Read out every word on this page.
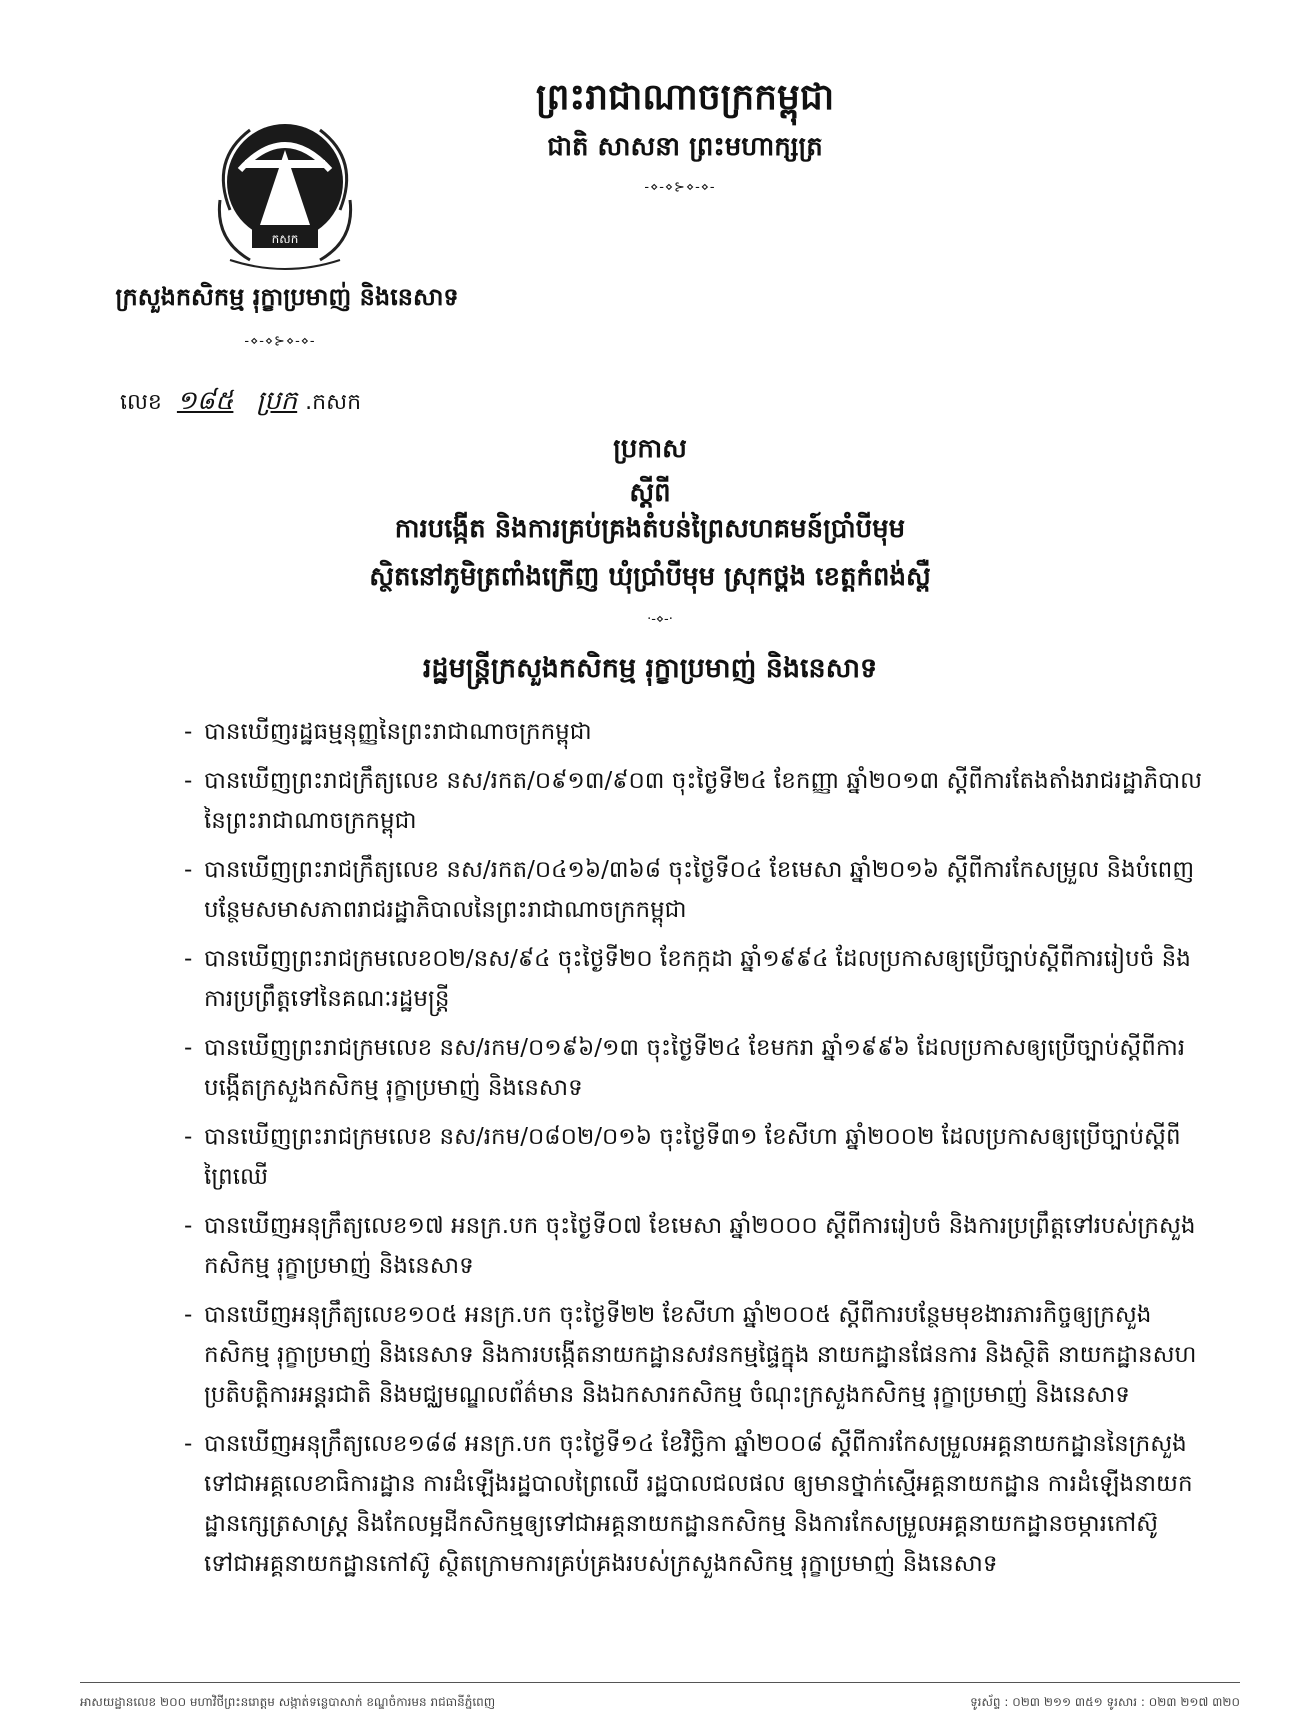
កសក
ក្រសួងកសិកម្ម រុក្ខាប្រមាញ់ និងនេសាទ
-⋄-⋄⊱⋄-⋄-
ព្រះរាជាណាចក្រកម្ពុជា
ជាតិ សាសនា ព្រះមហាក្សត្រ
-⋄-⋄⊱⋄-⋄-
លេខ ១៨៥ ប្រក .កសក
ប្រកាស
ស្តីពី
ការបង្កើត និងការគ្រប់គ្រងតំបន់ព្រៃសហគមន៍ប្រាំបីមុម
ស្ថិតនៅភូមិត្រពាំងក្រើញ ឃុំប្រាំបីមុម ស្រុកថ្ពង ខេត្តកំពង់ស្ពឺ
·-⋄-·
រដ្ឋមន្ត្រីក្រសួងកសិកម្ម រុក្ខាប្រមាញ់ និងនេសាទ
- បានឃើញរដ្ឋធម្មនុញ្ញនៃព្រះរាជាណាចក្រកម្ពុជា
- បានឃើញព្រះរាជក្រឹត្យលេខ នស/រកត/០៩១៣/៩០៣ ចុះថ្ងៃទី២៤ ខែកញ្ញា ឆ្នាំ២០១៣ ស្តីពីការតែងតាំងរាជរដ្ឋាភិបាលនៃព្រះរាជាណាចក្រកម្ពុជា
- បានឃើញព្រះរាជក្រឹត្យលេខ នស/រកត/០៤១៦/៣៦៨ ចុះថ្ងៃទី០៤ ខែមេសា ឆ្នាំ២០១៦ ស្តីពីការកែសម្រួល និងបំពេញបន្ថែមសមាសភាពរាជរដ្ឋាភិបាលនៃព្រះរាជាណាចក្រកម្ពុជា
- បានឃើញព្រះរាជក្រមលេខ០២/នស/៩៤ ចុះថ្ងៃទី២០ ខែកក្កដា ឆ្នាំ១៩៩៤ ដែលប្រកាសឲ្យប្រើច្បាប់ស្តីពីការរៀបចំ និងការប្រព្រឹត្តទៅនៃគណៈរដ្ឋមន្ត្រី
- បានឃើញព្រះរាជក្រមលេខ នស/រកម/០១៩៦/១៣ ចុះថ្ងៃទី២៤ ខែមករា ឆ្នាំ១៩៩៦ ដែលប្រកាសឲ្យប្រើច្បាប់ស្តីពីការបង្កើតក្រសួងកសិកម្ម រុក្ខាប្រមាញ់ និងនេសាទ
- បានឃើញព្រះរាជក្រមលេខ នស/រកម/០៨០២/០១៦ ចុះថ្ងៃទី៣១ ខែសីហា ឆ្នាំ២០០២ ដែលប្រកាសឲ្យប្រើច្បាប់ស្តីពីព្រៃឈើ
- បានឃើញអនុក្រឹត្យលេខ១៧ អនក្រ.បក ចុះថ្ងៃទី០៧ ខែមេសា ឆ្នាំ២០០០ ស្តីពីការរៀបចំ និងការប្រព្រឹត្តទៅរបស់ក្រសួងកសិកម្ម រុក្ខាប្រមាញ់ និងនេសាទ
- បានឃើញអនុក្រឹត្យលេខ១០៥ អនក្រ.បក ចុះថ្ងៃទី២២ ខែសីហា ឆ្នាំ២០០៥ ស្តីពីការបន្ថែមមុខងារភារកិច្ចឲ្យក្រសួងកសិកម្ម រុក្ខាប្រមាញ់ និងនេសាទ និងការបង្កើតនាយកដ្ឋានសវនកម្មផ្ទៃក្នុង នាយកដ្ឋានផែនការ និងស្ថិតិ នាយកដ្ឋានសហប្រតិបត្តិការអន្តរជាតិ និងមជ្ឈមណ្ឌលព័ត៌មាន និងឯកសារកសិកម្ម ចំណុះក្រសួងកសិកម្ម រុក្ខាប្រមាញ់ និងនេសាទ
- បានឃើញអនុក្រឹត្យលេខ១៨៨ អនក្រ.បក ចុះថ្ងៃទី១៤ ខែវិច្ឆិកា ឆ្នាំ២០០៨ ស្តីពីការកែសម្រួលអគ្គនាយកដ្ឋាននៃក្រសួងទៅជាអគ្គលេខាធិការដ្ឋាន ការដំឡើងរដ្ឋបាលព្រៃឈើ រដ្ឋបាលជលផល ឲ្យមានថ្នាក់ស្មើអគ្គនាយកដ្ឋាន ការដំឡើងនាយកដ្ឋានក្សេត្រសាស្ត្រ និងកែលម្អដីកសិកម្មឲ្យទៅជាអគ្គនាយកដ្ឋានកសិកម្ម និងការកែសម្រួលអគ្គនាយកដ្ឋានចម្ការកៅស៊ូទៅជាអគ្គនាយកដ្ឋានកៅស៊ូ ស្ថិតក្រោមការគ្រប់គ្រងរបស់ក្រសួងកសិកម្ម រុក្ខាប្រមាញ់ និងនេសាទ
អាសយដ្ឋានលេខ ២០០ មហាវិថីព្រះនរោត្តម សង្កាត់ទន្លេបាសាក់ ខណ្ឌចំការមន រាជធានីភ្នំពេញ	ទូរស័ព្ទ : ០២៣ ២១១ ៣៥១ ទូរសារ : ០២៣ ២១៧ ៣២០
